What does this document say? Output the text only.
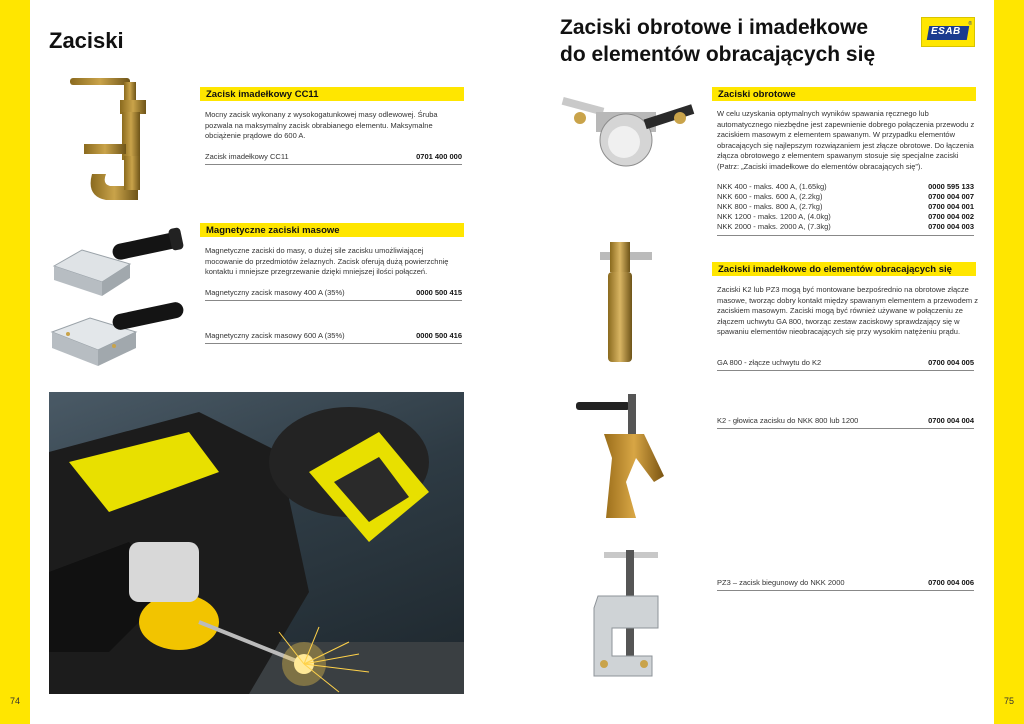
74	75
Zaciski
Zacisk imadełkowy CC11
Mocny zacisk wykonany z wysokogatunkowej masy odlewowej. Śruba pozwala na maksymalny zacisk obrabianego elementu. Maksymalne obciążenie prądowe do 600 A.
Zacisk imadełkowy CC11	0701 400 000
Magnetyczne zaciski masowe
Magnetyczne zaciski do masy, o dużej sile zacisku umożliwiającej mocowanie do przedmiotów żelaznych. Zacisk oferują dużą powierzchnię kontaktu i mniejsze przegrzewanie dzięki mniejszej ilości połączeń.
Magnetyczny zacisk masowy 400 A (35%)	0000 500 415
Magnetyczny zacisk masowy 600 A (35%)	0000 500 416
Zaciski obrotowe i imadełkowe
do elementów obracających się
ESAB
®
Zaciski obrotowe
W celu uzyskania optymalnych wyników spawania ręcznego lub automatycznego niezbędne jest zapewnienie dobrego połączenia przewodu z zaciskiem masowym z elementem spawanym. W przypadku elementów obracających się najlepszym rozwiązaniem jest złącze obrotowe. Do łączenia złącza obrotowego z elementem spawanym stosuje się specjalne zaciski (Patrz: „Zaciski imadełkowe do elementów obracających się”).
NKK 400 - maks. 400 A, (1.65kg)	0000 595 133
NKK 600 - maks. 600 A, (2.2kg)	0700 004 007
NKK 800 - maks. 800 A, (2.7kg)	0700 004 001
NKK 1200 - maks. 1200 A, (4.0kg)	0700 004 002
NKK 2000 - maks. 2000 A, (7.3kg)	0700 004 003
Zaciski imadełkowe do elementów obracających się
Zaciski K2 lub PZ3 mogą być montowane bezpośrednio na obrotowe złącze masowe, tworząc dobry kontakt między spawanym elementem a przewodem z zaciskiem masowym. Zaciski mogą być również używane w połączeniu ze złączem uchwytu GA 800, tworząc zestaw zaciskowy sprawdzający się w spawaniu elementów nieobracających się przy wysokim natężeniu prądu.
GA 800 - złącze uchwytu do K2	0700 004 005
K2 - głowica zacisku do NKK 800 lub 1200	0700 004 004
PZ3 – zacisk biegunowy do NKK 2000	0700 004 006
